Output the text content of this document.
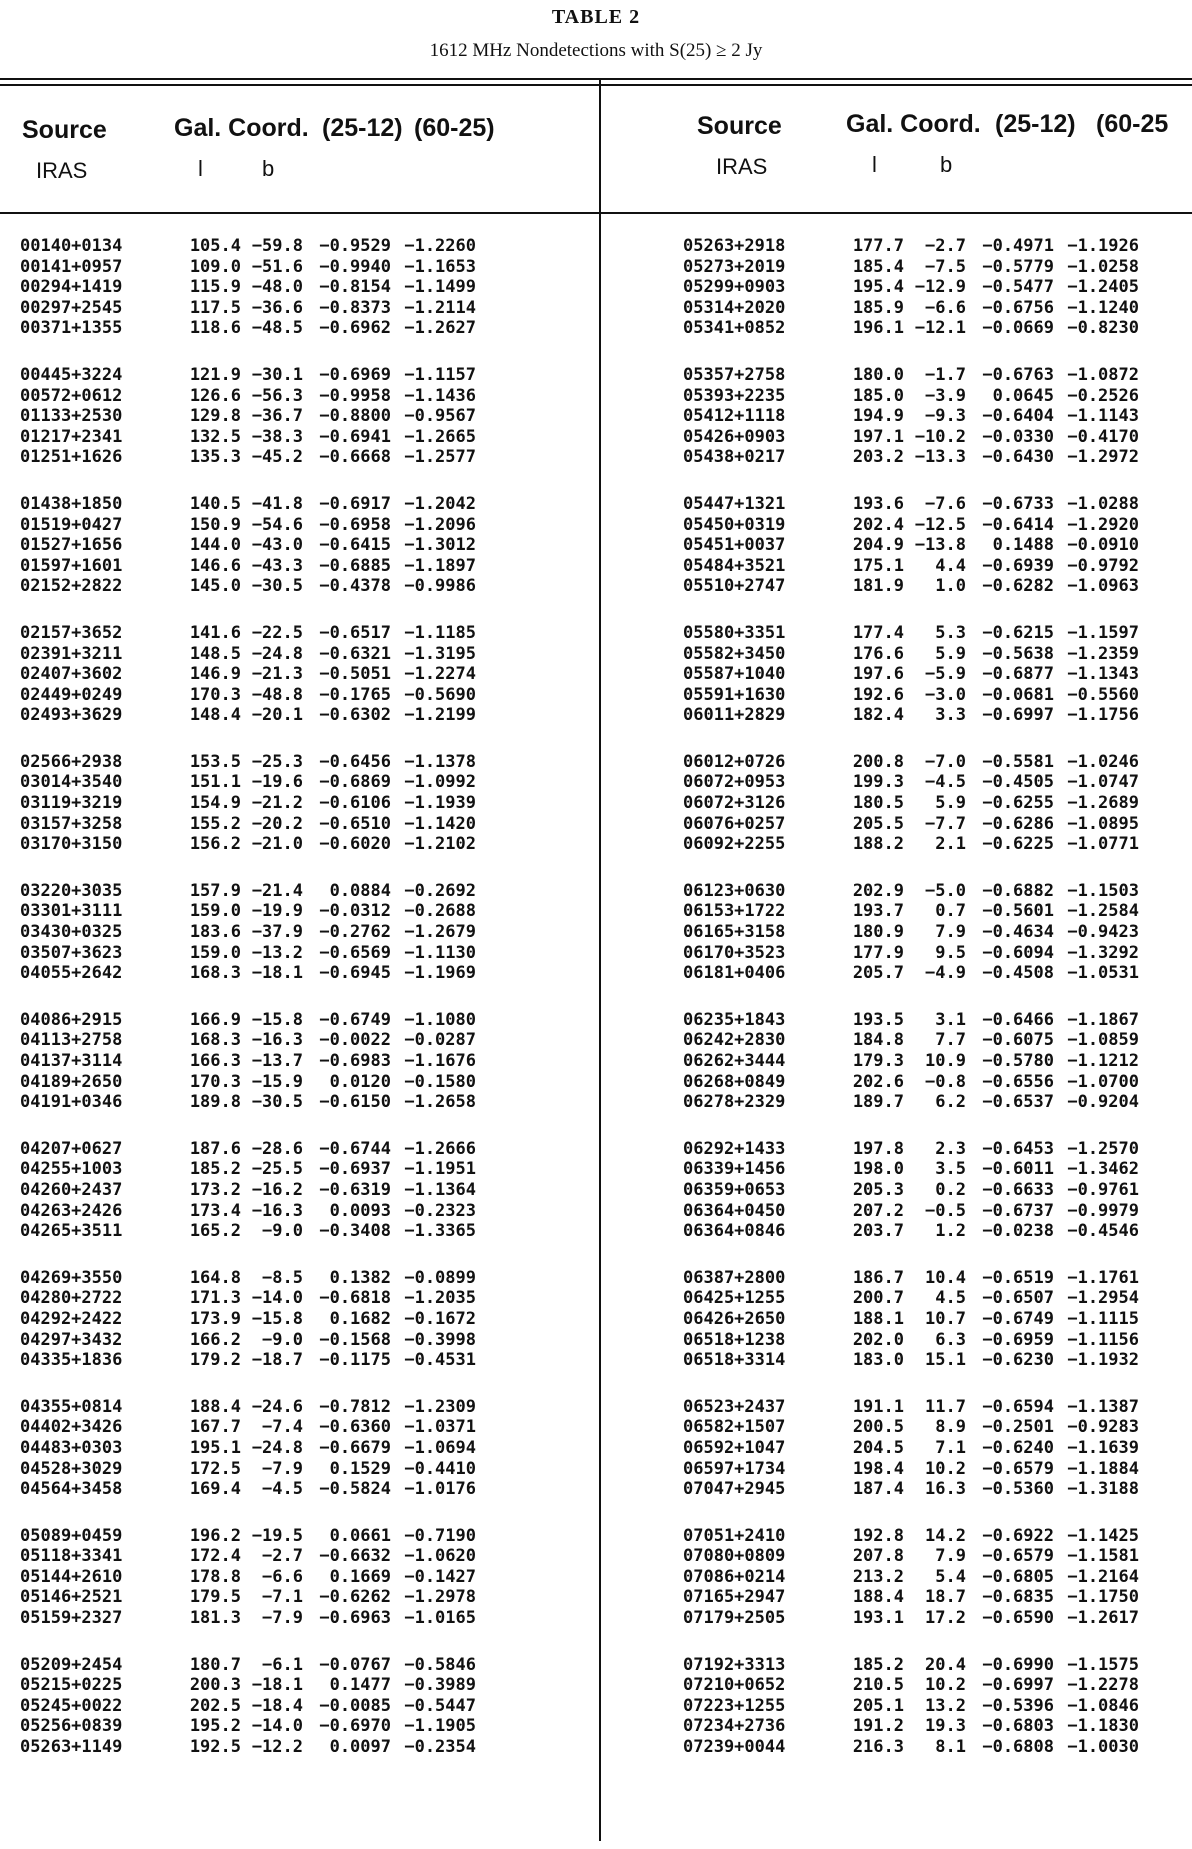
TABLE 2
1612 MHz Nondetections with S(25) ≥ 2 Jy
Source	Gal. Coord. (25-12) (60-25)
IRAS	l	b
Source	Gal. Coord. (25-12) (60-25
IRAS	l	b
00140+0134	105.4 −59.8 −0.9529 −1.2260
00141+0957	109.0 −51.6 −0.9940 −1.1653
00294+1419	115.9 −48.0 −0.8154 −1.1499
00297+2545	117.5 −36.6 −0.8373 −1.2114
00371+1355	118.6 −48.5 −0.6962 −1.2627
00445+3224	121.9 −30.1 −0.6969 −1.1157
00572+0612	126.6 −56.3 −0.9958 −1.1436
01133+2530	129.8 −36.7 −0.8800 −0.9567
01217+2341	132.5 −38.3 −0.6941 −1.2665
01251+1626	135.3 −45.2 −0.6668 −1.2577
01438+1850	140.5 −41.8 −0.6917 −1.2042
01519+0427	150.9 −54.6 −0.6958 −1.2096
01527+1656	144.0 −43.0 −0.6415 −1.3012
01597+1601	146.6 −43.3 −0.6885 −1.1897
02152+2822	145.0 −30.5 −0.4378 −0.9986
02157+3652	141.6 −22.5 −0.6517 −1.1185
02391+3211	148.5 −24.8 −0.6321 −1.3195
02407+3602	146.9 −21.3 −0.5051 −1.2274
02449+0249	170.3 −48.8 −0.1765 −0.5690
02493+3629	148.4 −20.1 −0.6302 −1.2199
02566+2938	153.5 −25.3 −0.6456 −1.1378
03014+3540	151.1 −19.6 −0.6869 −1.0992
03119+3219	154.9 −21.2 −0.6106 −1.1939
03157+3258	155.2 −20.2 −0.6510 −1.1420
03170+3150	156.2 −21.0 −0.6020 −1.2102
03220+3035	157.9 −21.4	0.0884 −0.2692
03301+3111	159.0 −19.9 −0.0312 −0.2688
03430+0325	183.6 −37.9 −0.2762 −1.2679
03507+3623	159.0 −13.2 −0.6569 −1.1130
04055+2642	168.3 −18.1 −0.6945 −1.1969
04086+2915	166.9 −15.8 −0.6749 −1.1080
04113+2758	168.3 −16.3 −0.0022 −0.0287
04137+3114	166.3 −13.7 −0.6983 −1.1676
04189+2650	170.3 −15.9	0.0120 −0.1580
04191+0346	189.8 −30.5 −0.6150 −1.2658
04207+0627	187.6 −28.6 −0.6744 −1.2666
04255+1003	185.2 −25.5 −0.6937 −1.1951
04260+2437	173.2 −16.2 −0.6319 −1.1364
04263+2426	173.4 −16.3	0.0093 −0.2323
04265+3511	165.2	−9.0 −0.3408 −1.3365
04269+3550	164.8	−8.5	0.1382 −0.0899
04280+2722	171.3 −14.0 −0.6818 −1.2035
04292+2422	173.9 −15.8	0.1682 −0.1672
04297+3432	166.2	−9.0 −0.1568 −0.3998
04335+1836	179.2 −18.7 −0.1175 −0.4531
04355+0814	188.4 −24.6 −0.7812 −1.2309
04402+3426	167.7	−7.4 −0.6360 −1.0371
04483+0303	195.1 −24.8 −0.6679 −1.0694
04528+3029	172.5	−7.9	0.1529 −0.4410
04564+3458	169.4	−4.5 −0.5824 −1.0176
05089+0459	196.2 −19.5	0.0661 −0.7190
05118+3341	172.4	−2.7 −0.6632 −1.0620
05144+2610	178.8	−6.6	0.1669 −0.1427
05146+2521	179.5	−7.1 −0.6262 −1.2978
05159+2327	181.3	−7.9 −0.6963 −1.0165
05209+2454	180.7	−6.1 −0.0767 −0.5846
05215+0225	200.3 −18.1	0.1477 −0.3989
05245+0022	202.5 −18.4 −0.0085 −0.5447
05256+0839	195.2 −14.0 −0.6970 −1.1905
05263+1149	192.5 −12.2	0.0097 −0.2354
05263+2918	177.7	−2.7 −0.4971 −1.1926
05273+2019	185.4	−7.5 −0.5779 −1.0258
05299+0903	195.4 −12.9 −0.5477 −1.2405
05314+2020	185.9	−6.6 −0.6756 −1.1240
05341+0852	196.1 −12.1 −0.0669 −0.8230
05357+2758	180.0	−1.7 −0.6763 −1.0872
05393+2235	185.0	−3.9	0.0645 −0.2526
05412+1118	194.9	−9.3 −0.6404 −1.1143
05426+0903	197.1 −10.2 −0.0330 −0.4170
05438+0217	203.2 −13.3 −0.6430 −1.2972
05447+1321	193.6	−7.6 −0.6733 −1.0288
05450+0319	202.4 −12.5 −0.6414 −1.2920
05451+0037	204.9 −13.8	0.1488 −0.0910
05484+3521	175.1	4.4 −0.6939 −0.9792
05510+2747	181.9	1.0 −0.6282 −1.0963
05580+3351	177.4	5.3 −0.6215 −1.1597
05582+3450	176.6	5.9 −0.5638 −1.2359
05587+1040	197.6	−5.9 −0.6877 −1.1343
05591+1630	192.6	−3.0 −0.0681 −0.5560
06011+2829	182.4	3.3 −0.6997 −1.1756
06012+0726	200.8	−7.0 −0.5581 −1.0246
06072+0953	199.3	−4.5 −0.4505 −1.0747
06072+3126	180.5	5.9 −0.6255 −1.2689
06076+0257	205.5	−7.7 −0.6286 −1.0895
06092+2255	188.2	2.1 −0.6225 −1.0771
06123+0630	202.9	−5.0 −0.6882 −1.1503
06153+1722	193.7	0.7 −0.5601 −1.2584
06165+3158	180.9	7.9 −0.4634 −0.9423
06170+3523	177.9	9.5 −0.6094 −1.3292
06181+0406	205.7	−4.9 −0.4508 −1.0531
06235+1843	193.5	3.1 −0.6466 −1.1867
06242+2830	184.8	7.7 −0.6075 −1.0859
06262+3444	179.3	10.9 −0.5780 −1.1212
06268+0849	202.6	−0.8 −0.6556 −1.0700
06278+2329	189.7	6.2 −0.6537 −0.9204
06292+1433	197.8	2.3 −0.6453 −1.2570
06339+1456	198.0	3.5 −0.6011 −1.3462
06359+0653	205.3	0.2 −0.6633 −0.9761
06364+0450	207.2	−0.5 −0.6737 −0.9979
06364+0846	203.7	1.2 −0.0238 −0.4546
06387+2800	186.7	10.4 −0.6519 −1.1761
06425+1255	200.7	4.5 −0.6507 −1.2954
06426+2650	188.1	10.7 −0.6749 −1.1115
06518+1238	202.0	6.3 −0.6959 −1.1156
06518+3314	183.0	15.1 −0.6230 −1.1932
06523+2437	191.1	11.7 −0.6594 −1.1387
06582+1507	200.5	8.9 −0.2501 −0.9283
06592+1047	204.5	7.1 −0.6240 −1.1639
06597+1734	198.4	10.2 −0.6579 −1.1884
07047+2945	187.4	16.3 −0.5360 −1.3188
07051+2410	192.8	14.2 −0.6922 −1.1425
07080+0809	207.8	7.9 −0.6579 −1.1581
07086+0214	213.2	5.4 −0.6805 −1.2164
07165+2947	188.4	18.7 −0.6835 −1.1750
07179+2505	193.1	17.2 −0.6590 −1.2617
07192+3313	185.2	20.4 −0.6990 −1.1575
07210+0652	210.5	10.2 −0.6997 −1.2278
07223+1255	205.1	13.2 −0.5396 −1.0846
07234+2736	191.2	19.3 −0.6803 −1.1830
07239+0044	216.3	8.1 −0.6808 −1.0030
